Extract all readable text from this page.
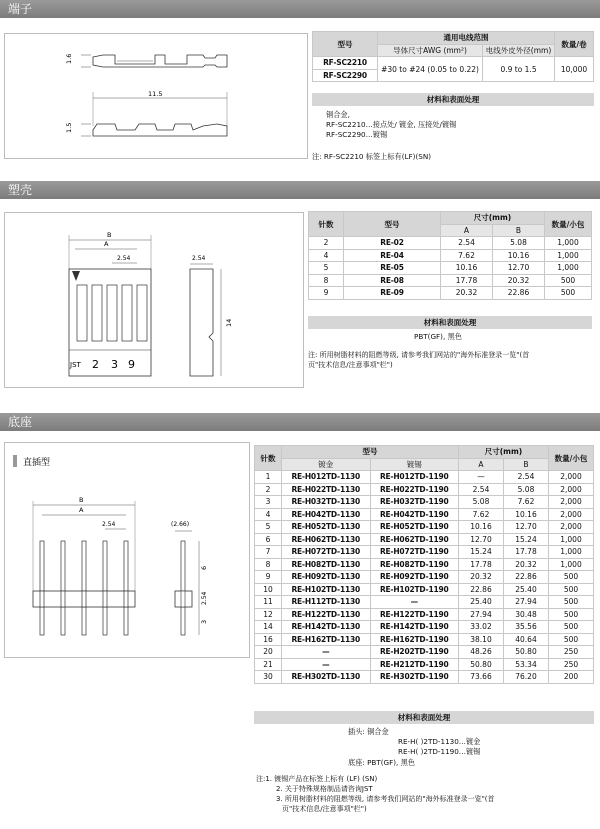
端子
1.6
11.5
1.5
型号	通用电线范围		数量/卷
	导体尺寸AWG (mm²)	电线外皮外径(mm)	
RF-SC2210	#30 to #24 (0.05 to 0.22)	0.9 to 1.5	10,000
RF-SC2290			
材料和表面处理
铜合金,
RF-SC2210…接点处/ 镀金, 压接处/镀锡
RF-SC2290…镀锡
注: RF-SC2210 标签上标有(LF)(SN)
塑壳
B
A
2.54
JST 2 3 9
2.54
14
针数	型号	尺寸(mm)		数量/小包
		A	B	
2	RE-02	2.54	5.08	1,000
4	RE-04	7.62	10.16	1,000
5	RE-05	10.16	12.70	1,000
8	RE-08	17.78	20.32	500
9	RE-09	20.32	22.86	500
材料和表面处理
PBT(GF), 黑色
注: 所用树脂材料的阻燃等级, 请参考我们网站的"海外标准登录一览"(首
页"技术信息/注意事项"栏")
底座
直插型
B
A
2.54	(2.66)
6
2.54
3
针数	型号		尺寸(mm)		数量/小包
	镀金	镀锡	A	B	
1	RE-H012TD-1130	RE-H012TD-1190	—	2.54	2,000
2	RE-H022TD-1130	RE-H022TD-1190	2.54	5.08	2,000
3	RE-H032TD-1130	RE-H032TD-1190	5.08	7.62	2,000
4	RE-H042TD-1130	RE-H042TD-1190	7.62	10.16	2,000
5	RE-H052TD-1130	RE-H052TD-1190	10.16	12.70	2,000
6	RE-H062TD-1130	RE-H062TD-1190	12.70	15.24	1,000
7	RE-H072TD-1130	RE-H072TD-1190	15.24	17.78	1,000
8	RE-H082TD-1130	RE-H082TD-1190	17.78	20.32	1,000
9	RE-H092TD-1130	RE-H092TD-1190	20.32	22.86	500
10	RE-H102TD-1130	RE-H102TD-1190	22.86	25.40	500
11	RE-H112TD-1130	—	25.40	27.94	500
12	RE-H122TD-1130	RE-H122TD-1190	27.94	30.48	500
14	RE-H142TD-1130	RE-H142TD-1190	33.02	35.56	500
16	RE-H162TD-1130	RE-H162TD-1190	38.10	40.64	500
20	—	RE-H202TD-1190	48.26	50.80	250
21	—	RE-H212TD-1190	50.80	53.34	250
30	RE-H302TD-1130	RE-H302TD-1190	73.66	76.20	200
材料和表面处理
插头: 铜合金
RE-H( )2TD-1130…镀金
RE-H( )2TD-1190…镀锡
底座: PBT(GF), 黑色
注:1. 镀锡产品在标签上标有 (LF) (SN)
2. 关于特殊规格制品请咨询JST
3. 所用树脂材料的阻燃等级, 请参考我们网站的"海外标准登录一览"(首
页"技术信息/注意事项"栏")
